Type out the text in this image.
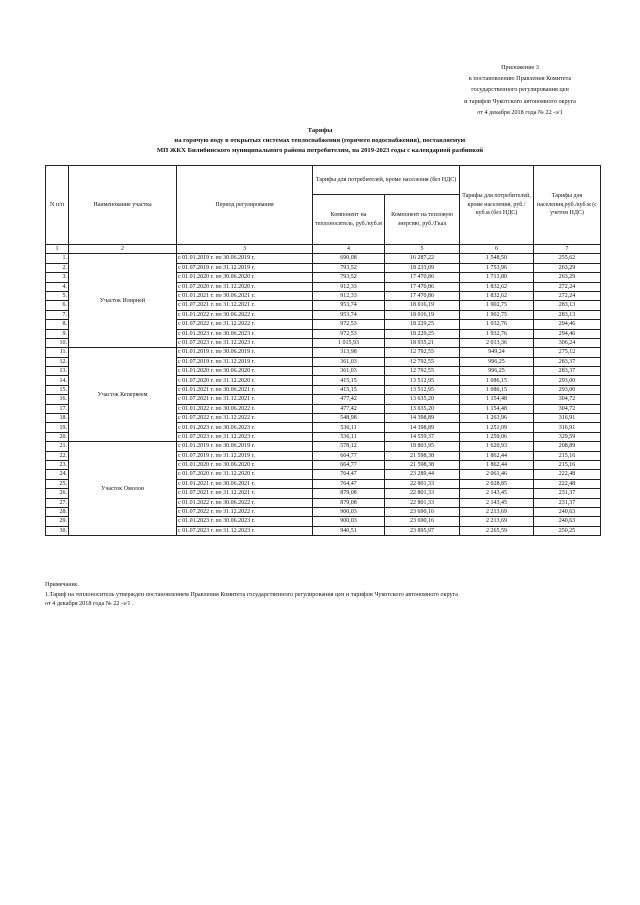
Приложение 3
к постановлению Правления Комитета
государственного регулирования цен
и тарифов Чукотского автономного округа
от 4 декабря 2018 года № 22 -э/1
Тарифы
на горячую воду в открытых системах теплоснабжения (горячего водоснабжения), поставляемую
МП ЖКХ Билибинского муниципального района потребителям, на 2019-2023 годы с календарной разбивкой
N п/п	Наименование участка	Период регулирования	Тарифы для потребителей, кроме населения (без НДС)		Тарифы для потребителей, кроме населения, руб./куб.м (без НДС)	Тарифы для населения,руб./куб.м (с учетом НДС)
			Компонент на теплоноситель, руб./куб.м	Компонент на тепловую энергию, руб./Гкал		
1	2	3	4	5	6	7
1.	Участок Илирней	с 01.01.2019 г. по 30.06.2019 г.	690,08	16 287,22	1 548,50	255,62
2.		с 01.07.2019 г. по 31.12.2019 г.	793,52	18 233,09	1 753,96	263,29
3.		с 01.01.2020 г. по 30.06.2020 г.	793,52	17 470,86	1 713,80	263,29
4.		с 01.07.2020 г. по 31.12.2020 г.	912,33	17 470,86	1 832,62	272,24
5.		с 01.01.2021 г. по 30.06.2021 г.	912,33	17 470,86	1 832,62	272,24
6.		с 01.07.2021 г. по 31.12.2021 г.	953,74	18 016,19	1 902,75	283,13
7.		с 01.01.2022 г. по 30.06.2022 г.	953,74	18 016,19	1 902,75	283,13
8.		с 01.07.2022 г. по 31.12.2022 г.	972,53	18 229,25	1 932,76	294,46
9.		с 01.01.2023 г. по 30.06.2023 г.	972,53	18 229,25	1 932,76	294,46
10.		с 01.07.2023 г. по 31.12.2023 г.	1 015,93	18 935,21	2 013,36	306,24
11.	Участок Кепервеем	с 01.01.2019 г. по 30.06.2019 г.	313,98	12 792,55	949,24	275,12
12.		с 01.07.2019 г. по 31.12.2019 г.	361,03	12 792,55	996,25	283,37
13.		с 01.01.2020 г. по 30.06.2020 г.	361,03	12 792,55	996,25	283,37
14.		с 01.07.2020 г. по 31.12.2020 г.	415,15	13 512,95	1 086,15	293,00
15.		с 01.01.2021 г. по 30.06.2021 г.	415,15	13 512,95	1 086,15	293,00
16.		с 01.07.2021 г. по 31.12.2021 г.	477,42	13 635,20	1 154,48	304,72
17.		с 01.01.2022 г. по 30.06.2022 г.	477,42	13 635,20	1 154,48	304,72
18.		с 01.07.2022 г. по 31.12.2022 г.	548,98	14 398,89	1 263,96	316,91
19.		с 01.01.2023 г. по 30.06.2023 г.	536,11	14 398,89	1 251,09	316,91
20.		с 01.07.2023 г. по 31.12.2023 г.	536,11	14 559,37	1 259,06	329,59
21.	Участок Омолон	с 01.01.2019 г. по 30.06.2019 г.	578,12	18 803,95	1 620,93	208,89
22.		с 01.07.2019 г. по 31.12.2019 г.	664,77	21 598,38	1 862,44	215,16
23.		с 01.01.2020 г. по 30.06.2020 г.	664,77	21 598,38	1 862,44	215,16
24.		с 01.07.2020 г. по 31.12.2020 г.	764,47	23 289,44	2 061,46	222,48
25.		с 01.01.2021 г. по 30.06.2021 г.	764,47	22 801,33	2 028,85	222,48
26.		с 01.07.2021 г. по 31.12.2021 г.	879,08	22 801,33	2 143,45	231,37
27.		с 01.01.2022 г. по 30.06.2022 г.	879,08	22 801,33	2 143,45	231,37
28.		с 01.07.2022 г. по 31.12.2022 г.	900,03	23 690,16	2 213,69	240,63
29.		с 01.01.2023 г. по 30.06.2023 г.	900,03	23 690,16	2 213,69	240,63
30.		с 01.07.2023 г. по 31.12.2023 г.	940,51	23 895,97	2 265,59	250,25
Примечание.
1.Тариф на теплоноситель утвержден постановлением Правления Комитета государственного регулирования цен и тарифов Чукотского автономного округа
от 4 декабря 2018 года № 22 -э/1 .
